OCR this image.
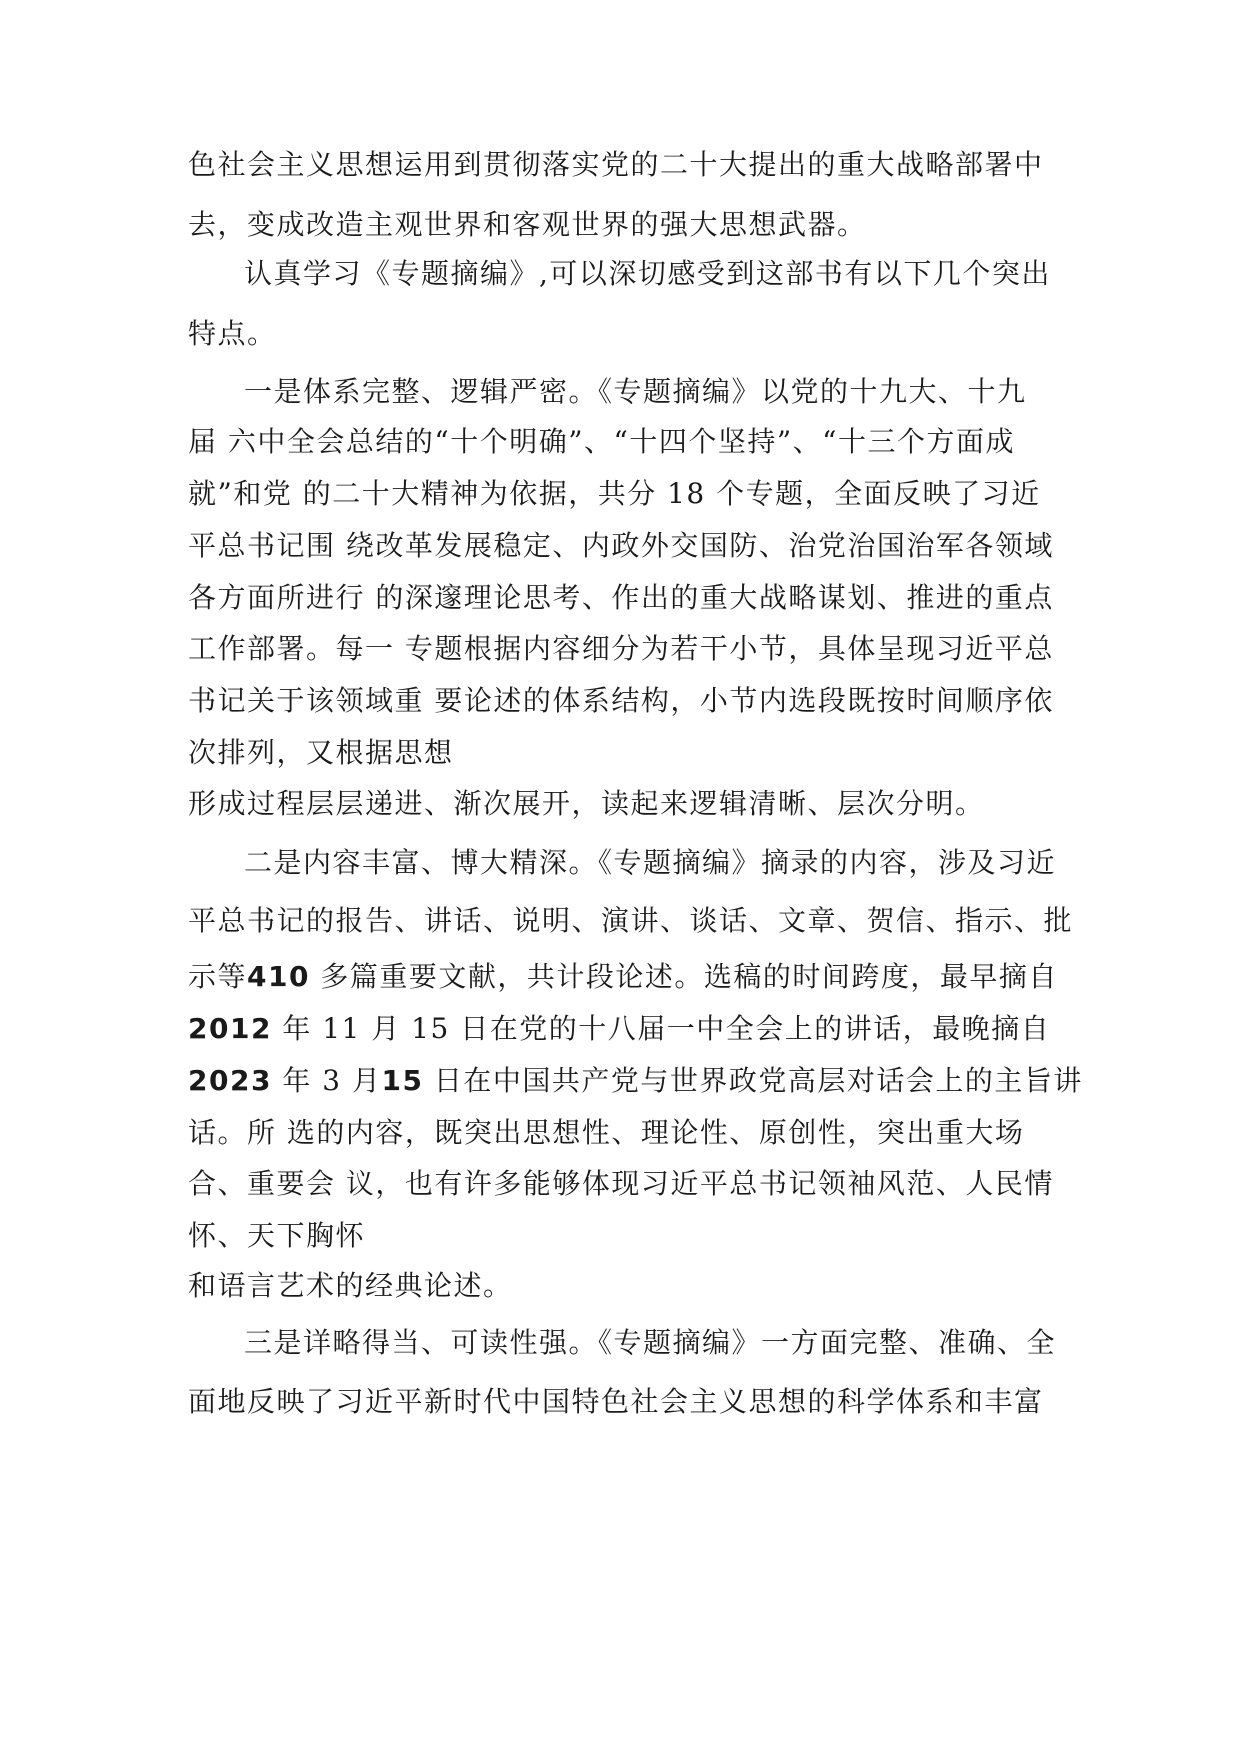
色社会主义思想运用到贯彻落实党的二十大提出的重大战略部署中

去，变成改造主观世界和客观世界的强大思想武器。

认真学习《专题摘编》,可以深切感受到这部书有以下几个突出

特点。

一是体系完整、逻辑严密。《专题摘编》以党的十九大、十九

届 六中全会总结的“十个明确”、“十四个坚持”、“十三个方面成

就”和党 的二十大精神为依据，共分 18 个专题，全面反映了习近

平总书记围 绕改革发展稳定、内政外交国防、治党治国治军各领域

各方面所进行 的深邃理论思考、作出的重大战略谋划、推进的重点

工作部署。每一 专题根据内容细分为若干小节，具体呈现习近平总

书记关于该领域重 要论述的体系结构，小节内选段既按时间顺序依

次排列，又根据思想

形成过程层层递进、渐次展开，读起来逻辑清晰、层次分明。

二是内容丰富、博大精深。《专题摘编》摘录的内容，涉及习近

平总书记的报告、讲话、说明、演讲、谈话、文章、贺信、指示、批

示等410 多篇重要文献，共计段论述。选稿的时间跨度，最早摘自

2012 年 11 月 15 日在党的十八届一中全会上的讲话，最晚摘自

2023 年 3 月15 日在中国共产党与世界政党高层对话会上的主旨讲

话。所 选的内容，既突出思想性、理论性、原创性，突出重大场

合、重要会 议，也有许多能够体现习近平总书记领袖风范、人民情

怀、天下胸怀

和语言艺术的经典论述。

三是详略得当、可读性强。《专题摘编》一方面完整、准确、全

面地反映了习近平新时代中国特色社会主义思想的科学体系和丰富
